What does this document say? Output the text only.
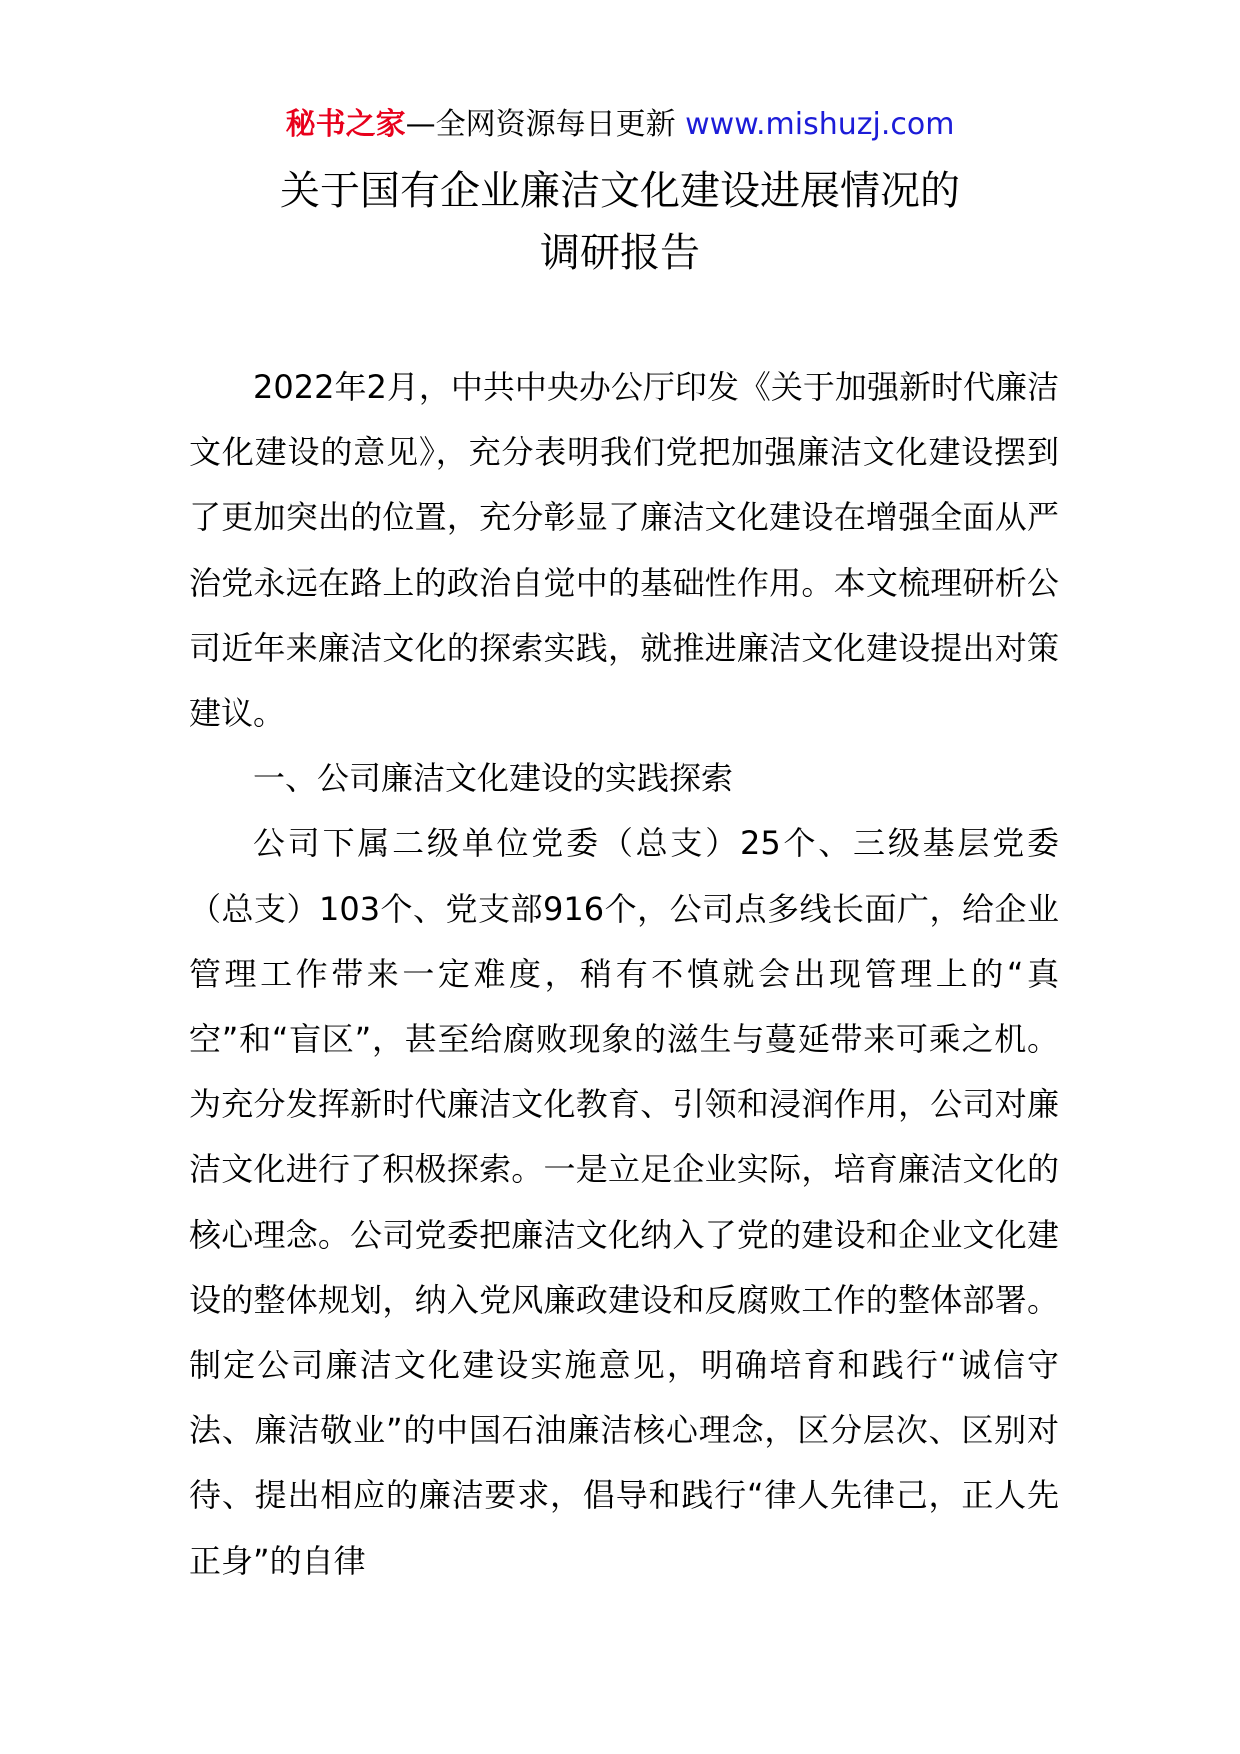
秘书之家—全网资源每日更新 www.mishuzj.com
关于国有企业廉洁文化建设进展情况的
调研报告

2022年2月，中共中央办公厅印发《关于加强新时代廉洁文化建设的意见》，充分表明我们党把加强廉洁文化建设摆到了更加突出的位置，充分彰显了廉洁文化建设在增强全面从严治党永远在路上的政治自觉中的基础性作用。本文梳理研析公司近年来廉洁文化的探索实践，就推进廉洁文化建设提出对策建议。

一、公司廉洁文化建设的实践探索

公司下属二级单位党委（总支）25个、三级基层党委（总支）103个、党支部916个，公司点多线长面广，给企业管理工作带来一定难度，稍有不慎就会出现管理上的“真空”和“盲区”，甚至给腐败现象的滋生与蔓延带来可乘之机。为充分发挥新时代廉洁文化教育、引领和浸润作用，公司对廉洁文化进行了积极探索。一是立足企业实际，培育廉洁文化的核心理念。公司党委把廉洁文化纳入了党的建设和企业文化建设的整体规划，纳入党风廉政建设和反腐败工作的整体部署。制定公司廉洁文化建设实施意见，明确培育和践行“诚信守法、廉洁敬业”的中国石油廉洁核心理念，区分层次、区别对待、提出相应的廉洁要求，倡导和践行“律人先律己，正人先正身”的自律
